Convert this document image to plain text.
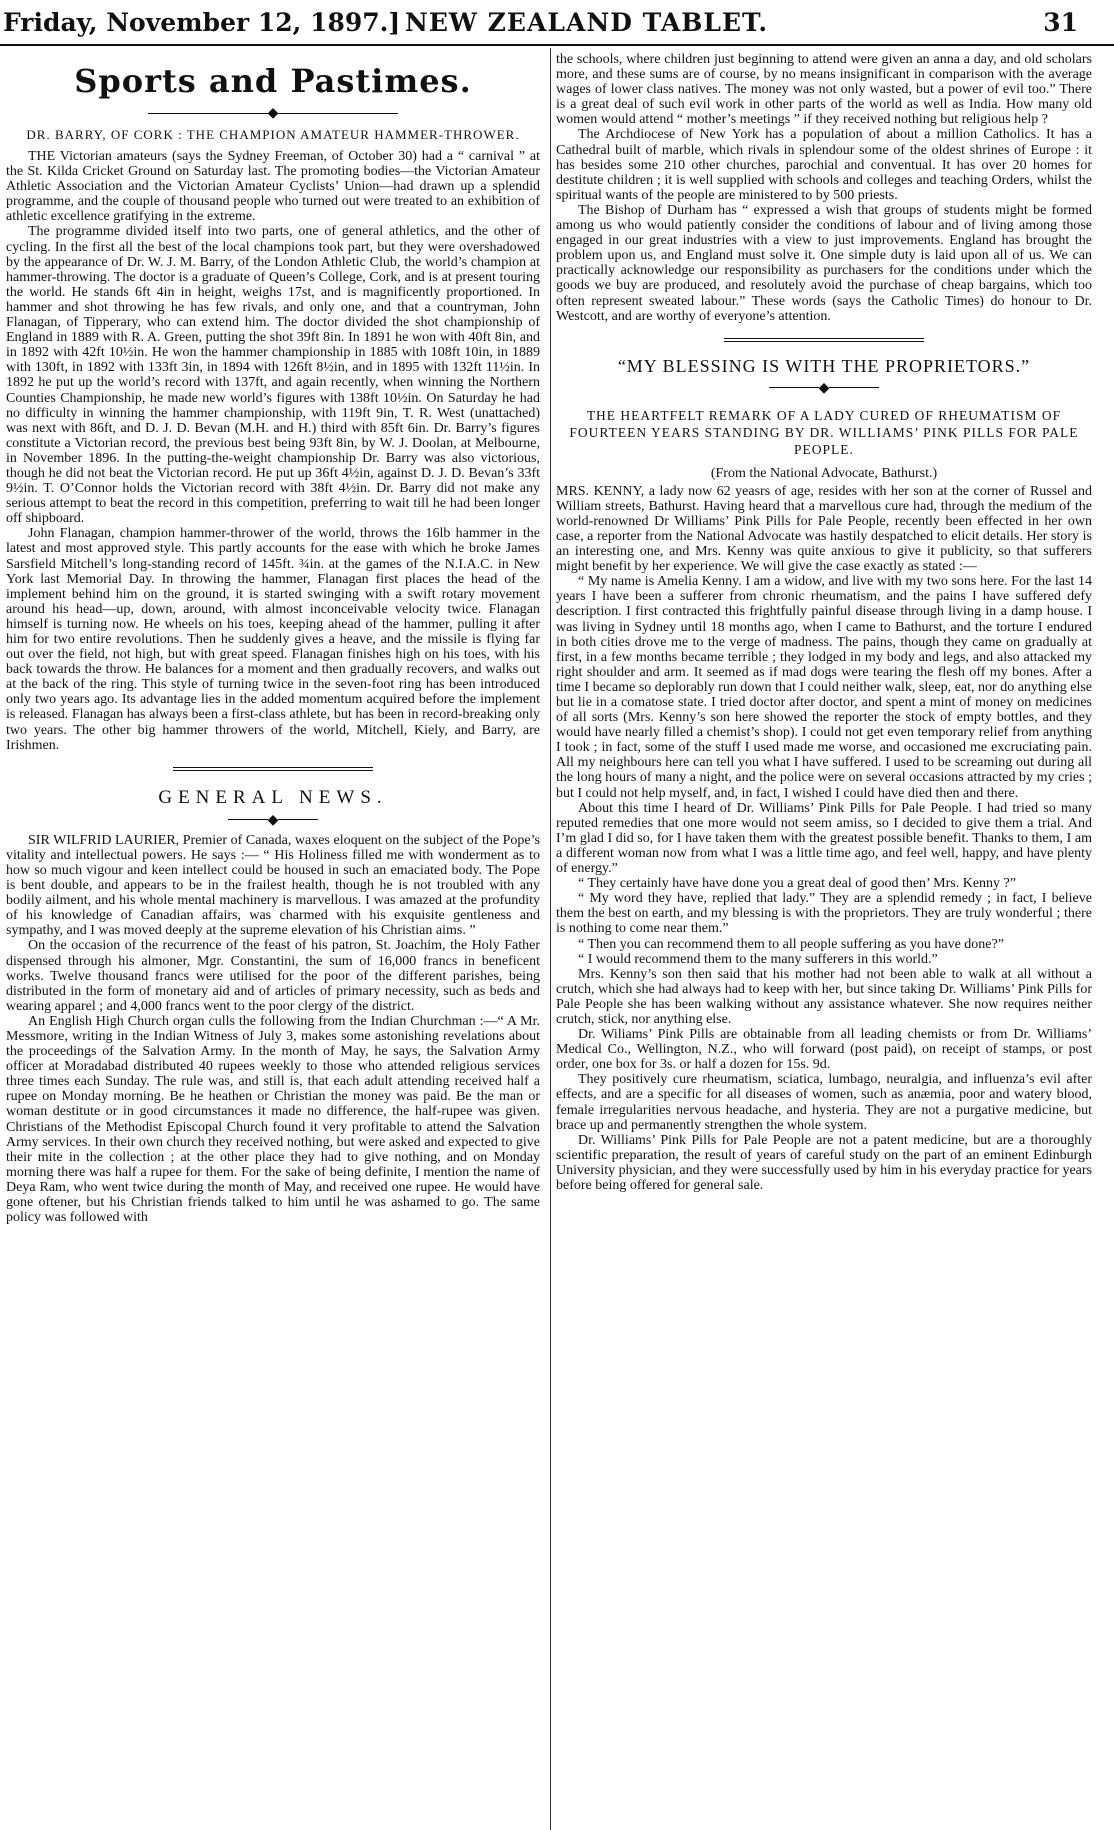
Friday, November 12, 1897.] NEW ZEALAND TABLET.	31
Sports and Pastimes.
◆
DR. BARRY, OF CORK : THE CHAMPION AMATEUR HAMMER-THROWER.

THE Victorian amateurs (says the Sydney Freeman, of October 30) had a “ carnival ” at the St. Kilda Cricket Ground on Saturday last. The promoting bodies—the Victorian Amateur Athletic Association and the Victorian Amateur Cyclists’ Union—had drawn up a splendid programme, and the couple of thousand people who turned out were treated to an exhibition of athletic excellence gratifying in the extreme.

The programme divided itself into two parts, one of general athletics, and the other of cycling. In the first all the best of the local champions took part, but they were overshadowed by the appearance of Dr. W. J. M. Barry, of the London Athletic Club, the world’s champion at hammer-throwing. The doctor is a graduate of Queen’s College, Cork, and is at present touring the world. He stands 6ft 4in in height, weighs 17st, and is magnificently proportioned. In hammer and shot throwing he has few rivals, and only one, and that a countryman, John Flanagan, of Tipperary, who can extend him. The doctor divided the shot championship of England in 1889 with R. A. Green, putting the shot 39ft 8in. In 1891 he won with 40ft 8in, and in 1892 with 42ft 10½in. He won the hammer championship in 1885 with 108ft 10in, in 1889 with 130ft, in 1892 with 133ft 3in, in 1894 with 126ft 8½in, and in 1895 with 132ft 11½in. In 1892 he put up the world’s record with 137ft, and again recently, when winning the Northern Counties Championship, he made new world’s figures with 138ft 10½in. On Saturday he had no difficulty in winning the hammer championship, with 119ft 9in, T. R. West (unattached) was next with 86ft, and D. J. D. Bevan (M.H. and H.) third with 85ft 6in. Dr. Barry’s figures constitute a Victorian record, the previous best being 93ft 8in, by W. J. Doolan, at Melbourne, in November 1896. In the putting-the-weight championship Dr. Barry was also victorious, though he did not beat the Victorian record. He put up 36ft 4½in, against D. J. D. Bevan’s 33ft 9½in. T. O’Connor holds the Victorian record with 38ft 4½in. Dr. Barry did not make any serious attempt to beat the record in this competition, preferring to wait till he had been longer off shipboard.

John Flanagan, champion hammer-thrower of the world, throws the 16lb hammer in the latest and most approved style. This partly accounts for the ease with which he broke James Sarsfield Mitchell’s long-standing record of 145ft. ¾in. at the games of the N.I.A.C. in New York last Memorial Day. In throwing the hammer, Flanagan first places the head of the implement behind him on the ground, it is started swinging with a swift rotary movement around his head—up, down, around, with almost inconceivable velocity twice. Flanagan himself is turning now. He wheels on his toes, keeping ahead of the hammer, pulling it after him for two entire revolutions. Then he suddenly gives a heave, and the missile is flying far out over the field, not high, but with great speed. Flanagan finishes high on his toes, with his back towards the throw. He balances for a moment and then gradually recovers, and walks out at the back of the ring. This style of turning twice in the seven-foot ring has been introduced only two years ago. Its advantage lies in the added momentum acquired before the implement is released. Flanagan has always been a first-class athlete, but has been in record-breaking only two years. The other big hammer throwers of the world, Mitchell, Kiely, and Barry, are Irishmen.

GENERAL NEWS.
◆

SIR WILFRID LAURIER, Premier of Canada, waxes eloquent on the subject of the Pope’s vitality and intellectual powers. He says :— “ His Holiness filled me with wonderment as to how so much vigour and keen intellect could be housed in such an emaciated body. The Pope is bent double, and appears to be in the frailest health, though he is not troubled with any bodily ailment, and his whole mental machinery is marvellous. I was amazed at the profundity of his knowledge of Canadian affairs, was charmed with his exquisite gentleness and sympathy, and I was moved deeply at the supreme elevation of his Christian aims. ”

On the occasion of the recurrence of the feast of his patron, St. Joachim, the Holy Father dispensed through his almoner, Mgr. Constantini, the sum of 16,000 francs in beneficent works. Twelve thousand francs were utilised for the poor of the different parishes, being distributed in the form of monetary aid and of articles of primary necessity, such as beds and wearing apparel ; and 4,000 francs went to the poor clergy of the district.

An English High Church organ culls the following from the Indian Churchman :—“ A Mr. Messmore, writing in the Indian Witness of July 3, makes some astonishing revelations about the proceedings of the Salvation Army. In the month of May, he says, the Salvation Army officer at Moradabad distributed 40 rupees weekly to those who attended religious services three times each Sunday. The rule was, and still is, that each adult attending received half a rupee on Monday morning. Be he heathen or Christian the money was paid. Be the man or woman destitute or in good circumstances it made no difference, the half-rupee was given. Christians of the Methodist Episcopal Church found it very profitable to attend the Salvation Army services. In their own church they received nothing, but were asked and expected to give their mite in the collection ; at the other place they had to give nothing, and on Monday morning there was half a rupee for them. For the sake of being definite, I mention the name of Deya Ram, who went twice during the month of May, and received one rupee. He would have gone oftener, but his Christian friends talked to him until he was ashamed to go. The same policy was followed with

the schools, where children just beginning to attend were given an anna a day, and old scholars more, and these sums are of course, by no means insignificant in comparison with the average wages of lower class natives. The money was not only wasted, but a power of evil too.” There is a great deal of such evil work in other parts of the world as well as India. How many old women would attend “ mother’s meetings ” if they received nothing but religious help ?

The Archdiocese of New York has a population of about a million Catholics. It has a Cathedral built of marble, which rivals in splendour some of the oldest shrines of Europe : it has besides some 210 other churches, parochial and conventual. It has over 20 homes for destitute children ; it is well supplied with schools and colleges and teaching Orders, whilst the spiritual wants of the people are ministered to by 500 priests.

The Bishop of Durham has “ expressed a wish that groups of students might be formed among us who would patiently consider the conditions of labour and of living among those engaged in our great industries with a view to just improvements. England has brought the problem upon us, and England must solve it. One simple duty is laid upon all of us. We can practically acknowledge our responsibility as purchasers for the conditions under which the goods we buy are produced, and resolutely avoid the purchase of cheap bargains, which too often represent sweated labour.” These words (says the Catholic Times) do honour to Dr. Westcott, and are worthy of everyone’s attention.

“MY BLESSING IS WITH THE PROPRIETORS.”
◆
THE HEARTFELT REMARK OF A LADY CURED OF RHEUMATISM OF FOURTEEN YEARS STANDING BY DR. WILLIAMS’ PINK PILLS FOR PALE PEOPLE.
(From the National Advocate, Bathurst.)

MRS. KENNY, a lady now 62 yeasrs of age, resides with her son at the corner of Russel and William streets, Bathurst. Having heard that a marvellous cure had, through the medium of the world-renowned Dr Williams’ Pink Pills for Pale People, recently been effected in her own case, a reporter from the National Advocate was hastily despatched to elicit details. Her story is an interesting one, and Mrs. Kenny was quite anxious to give it publicity, so that sufferers might benefit by her experience. We will give the case exactly as stated :—

“ My name is Amelia Kenny. I am a widow, and live with my two sons here. For the last 14 years I have been a sufferer from chronic rheumatism, and the pains I have suffered defy description. I first contracted this frightfully painful disease through living in a damp house. I was living in Sydney until 18 months ago, when I came to Bathurst, and the torture I endured in both cities drove me to the verge of madness. The pains, though they came on gradually at first, in a few months became terrible ; they lodged in my body and legs, and also attacked my right shoulder and arm. It seemed as if mad dogs were tearing the flesh off my bones. After a time I became so deplorably run down that I could neither walk, sleep, eat, nor do anything else but lie in a comatose state. I tried doctor after doctor, and spent a mint of money on medicines of all sorts (Mrs. Kenny’s son here showed the reporter the stock of empty bottles, and they would have nearly filled a chemist’s shop). I could not get even temporary relief from anything I took ; in fact, some of the stuff I used made me worse, and occasioned me excruciating pain. All my neighbours here can tell you what I have suffered. I used to be screaming out during all the long hours of many a night, and the police were on several occasions attracted by my cries ; but I could not help myself, and, in fact, I wished I could have died then and there.

About this time I heard of Dr. Williams’ Pink Pills for Pale People. I had tried so many reputed remedies that one more would not seem amiss, so I decided to give them a trial. And I’m glad I did so, for I have taken them with the greatest possible benefit. Thanks to them, I am a different woman now from what I was a little time ago, and feel well, happy, and have plenty of energy.”

“ They certainly have have done you a great deal of good then’ Mrs. Kenny ?”

“ My word they have, replied that lady.” They are a splendid remedy ; in fact, I believe them the best on earth, and my blessing is with the proprietors. They are truly wonderful ; there is nothing to come near them.”

“ Then you can recommend them to all people suffering as you have done?”

“ I would recommend them to the many sufferers in this world.”

Mrs. Kenny’s son then said that his mother had not been able to walk at all without a crutch, which she had always had to keep with her, but since taking Dr. Williams’ Pink Pills for Pale People she has been walking without any assistance whatever. She now requires neither crutch, stick, nor anything else.

Dr. Wiliams’ Pink Pills are obtainable from all leading chemists or from Dr. Williams’ Medical Co., Wellington, N.Z., who will forward (post paid), on receipt of stamps, or post order, one box for 3s. or half a dozen for 15s. 9d.

They positively cure rheumatism, sciatica, lumbago, neuralgia, and influenza’s evil after effects, and are a specific for all diseases of women, such as anæmia, poor and watery blood, female irregularities nervous headache, and hysteria. They are not a purgative medicine, but brace up and permanently strengthen the whole system.

Dr. Williams’ Pink Pills for Pale People are not a patent medicine, but are a thoroughly scientific preparation, the result of years of careful study on the part of an eminent Edinburgh University physician, and they were successfully used by him in his everyday practice for years before being offered for general sale.
